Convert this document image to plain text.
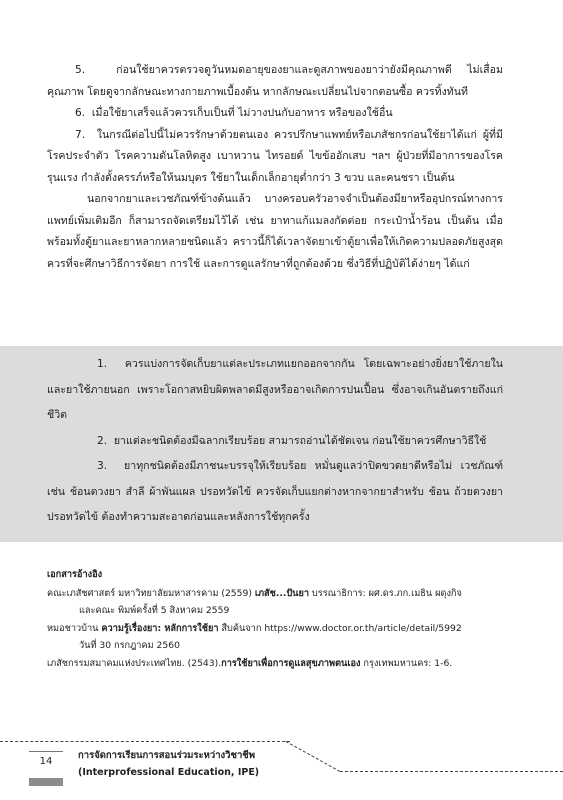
5.  ก่อนใช้ยาควรตรวจดูวันหมดอายุของยาและดูสภาพของยาว่ายังมีคุณภาพดี ไม่เสื่อมคุณภาพ โดยดูจากลักษณะทางกายภาพเบื้องต้น หากลักษณะเปลี่ยนไปจากตอนซื้อ ควรทิ้งทันที

6.  เมื่อใช้ยาเสร็จแล้วควรเก็บเป็นที่ ไม่วางปนกับอาหาร หรือของใช้อื่น

7.  ในกรณีต่อไปนี้ไม่ควรรักษาด้วยตนเอง ควรปรึกษาแพทย์หรือเภสัชกรก่อนใช้ยาได้แก่ ผู้ที่มีโรคประจำตัว โรคความดันโลหิตสูง เบาหวาน ไทรอยด์ ไขข้ออักเสบ ฯลฯ ผู้ป่วยที่มีอาการของโรครุนแรง กำลังตั้งครรภ์หรือให้นมบุตร ใช้ยาในเด็กเล็กอายุต่ำกว่า 3 ขวบ และคนชรา เป็นต้น

นอกจากยาและเวชภัณฑ์ข้างต้นแล้ว บางครอบครัวอาจจำเป็นต้องมียาหรืออุปกรณ์ทางการแพทย์เพิ่มเติมอีก ก็สามารถจัดเตรียมไว้ได้ เช่น ยาทาแก้แมลงกัดต่อย กระเป๋าน้ำร้อน เป็นต้น เมื่อพร้อมทั้งตู้ยาและยาหลากหลายชนิดแล้ว คราวนี้ก็ได้เวลาจัดยาเข้าตู้ยาเพื่อให้เกิดความปลอดภัยสูงสุด ควรที่จะศึกษาวิธีการจัดยา การใช้ และการดูแลรักษาที่ถูกต้องด้วย ซึ่งวิธีที่ปฏิบัติได้ง่ายๆ ได้แก่

1.  ควรแบ่งการจัดเก็บยาแต่ละประเภทแยกออกจากกัน โดยเฉพาะอย่างยิ่งยาใช้ภายใน และยาใช้ภายนอก เพราะโอกาสหยิบผิดพลาดมีสูงหรืออาจเกิดการปนเปื้อน ซึ่งอาจเกินอันตรายถึงแก่ชีวิต

2.  ยาแต่ละชนิดต้องมีฉลากเรียบร้อย สามารถอ่านได้ชัดเจน ก่อนใช้ยาควรศึกษาวิธีใช้

3.  ยาทุกชนิดต้องมีภาชนะบรรจุให้เรียบร้อย หมั่นดูแลว่าปิดขวดยาดีหรือไม่ เวชภัณฑ์ เช่น ช้อนตวงยา สำลี ผ้าพันแผล ปรอทวัดไข้ ควรจัดเก็บแยกต่างหากจากยาสำหรับ ช้อน ถ้วยตวงยา ปรอทวัดไข้ ต้องทำความสะอาดก่อนและหลังการใช้ทุกครั้ง

เอกสารอ้างอิง

คณะเภสัชศาสตร์ มหาวิทยาลัยมหาสารคาม (2559) เภสัช...ปันยา บรรณาธิการ: ผศ.ดร.ภก.เมธิน ผดุงกิจ
และคณะ พิมพ์ครั้งที่ 5 สิงหาคม 2559

หมอชาวบ้าน ความรู้เรื่องยา: หลักการใช้ยา สืบค้นจาก https://www.doctor.or.th/article/detail/5992
วันที่ 30 กรกฎาคม 2560

เภสัชกรรมสมาคมแห่งประเทศไทย. (2543).การใช้ยาเพื่อการดูแลสุขภาพตนเอง กรุงเทพมหานคร: 1-6.

14
การจัดการเรียนการสอนร่วมระหว่างวิชาชีพ
(Interprofessional Education, IPE)
